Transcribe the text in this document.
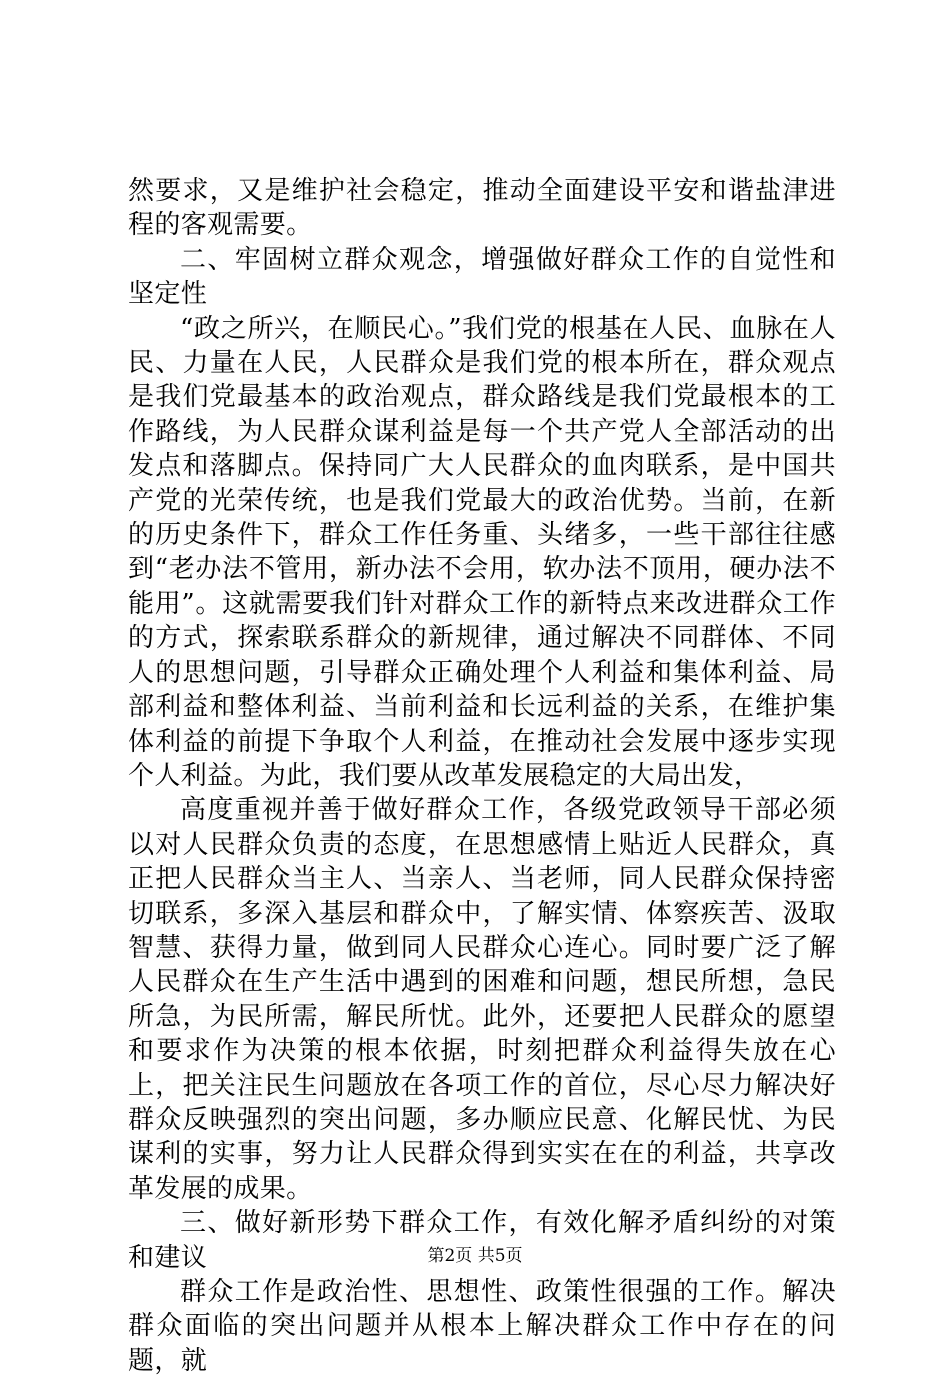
然要求，又是维护社会稳定，推动全面建设平安和谐盐津进程的客观需要。

二、牢固树立群众观念，增强做好群众工作的自觉性和坚定性

“政之所兴，在顺民心。”我们党的根基在人民、血脉在人民、力量在人民，人民群众是我们党的根本所在，群众观点是我们党最基本的政治观点，群众路线是我们党最根本的工作路线，为人民群众谋利益是每一个共产党人全部活动的出发点和落脚点。保持同广大人民群众的血肉联系，是中国共产党的光荣传统，也是我们党最大的政治优势。当前，在新的历史条件下，群众工作任务重、头绪多，一些干部往往感到“老办法不管用，新办法不会用，软办法不顶用，硬办法不能用”。这就需要我们针对群众工作的新特点来改进群众工作的方式，探索联系群众的新规律，通过解决不同群体、不同人的思想问题，引导群众正确处理个人利益和集体利益、局部利益和整体利益、当前利益和长远利益的关系，在维护集体利益的前提下争取个人利益，在推动社会发展中逐步实现个人利益。为此，我们要从改革发展稳定的大局出发，

高度重视并善于做好群众工作，各级党政领导干部必须以对人民群众负责的态度，在思想感情上贴近人民群众，真正把人民群众当主人、当亲人、当老师，同人民群众保持密切联系，多深入基层和群众中，了解实情、体察疾苦、汲取智慧、获得力量，做到同人民群众心连心。同时要广泛了解人民群众在生产生活中遇到的困难和问题，想民所想，急民所急，为民所需，解民所忧。此外，还要把人民群众的愿望和要求作为决策的根本依据，时刻把群众利益得失放在心上，把关注民生问题放在各项工作的首位，尽心尽力解决好群众反映强烈的突出问题，多办顺应民意、化解民忧、为民谋利的实事，努力让人民群众得到实实在在的利益，共享改革发展的成果。

三、做好新形势下群众工作，有效化解矛盾纠纷的对策和建议

群众工作是政治性、思想性、政策性很强的工作。解决群众面临的突出问题并从根本上解决群众工作中存在的问题，就

第2页 共5页
